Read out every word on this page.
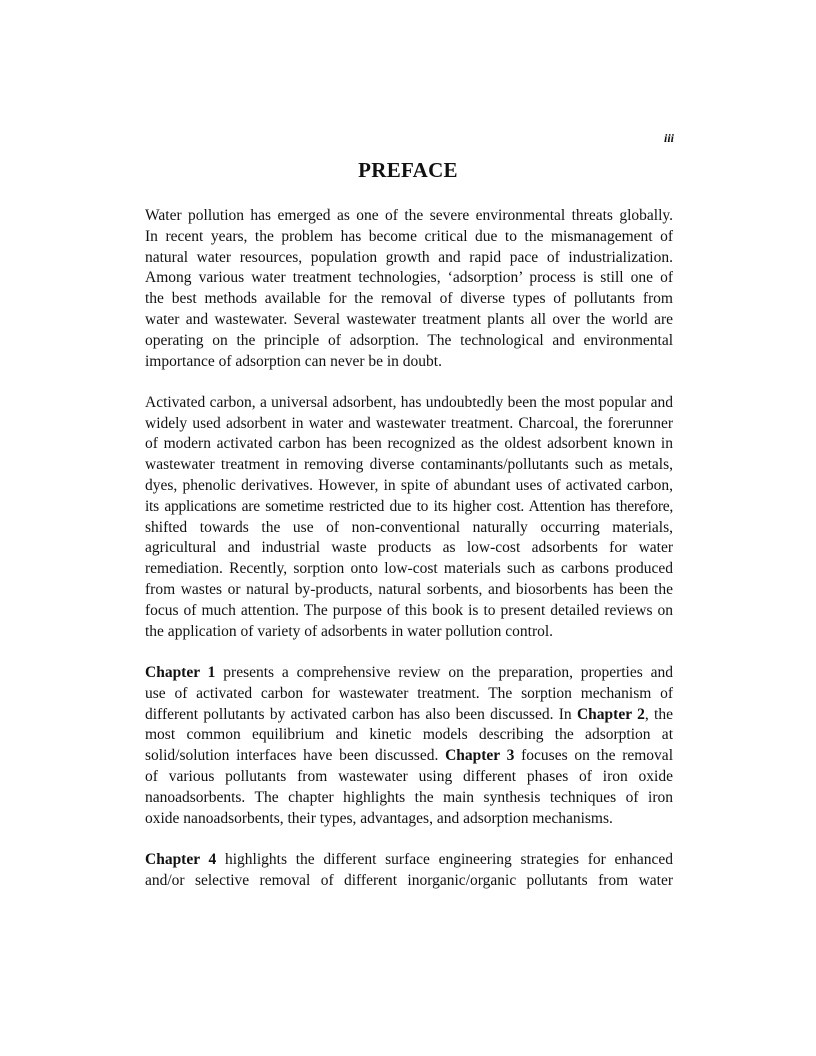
iii
PREFACE

Water pollution has emerged as one of the severe environmental threats globally.
In recent years, the problem has become critical due to the mismanagement of
natural water resources, population growth and rapid pace of industrialization.
Among various water treatment technologies, ‘adsorption’ process is still one of
the best methods available for the removal of diverse types of pollutants from
water and wastewater. Several wastewater treatment plants all over the world are
operating on the principle of adsorption. The technological and environmental
importance of adsorption can never be in doubt.

Activated carbon, a universal adsorbent, has undoubtedly been the most popular and
widely used adsorbent in water and wastewater treatment. Charcoal, the forerunner
of modern activated carbon has been recognized as the oldest adsorbent known in
wastewater treatment in removing diverse contaminants/pollutants such as metals,
dyes, phenolic derivatives. However, in spite of abundant uses of activated carbon,
its applications are sometime restricted due to its higher cost. Attention has therefore,
shifted towards the use of non-conventional naturally occurring materials,
agricultural and industrial waste products as low-cost adsorbents for water
remediation. Recently, sorption onto low-cost materials such as carbons produced
from wastes or natural by-products, natural sorbents, and biosorbents has been the
focus of much attention. The purpose of this book is to present detailed reviews on
the application of variety of adsorbents in water pollution control.

Chapter 1 presents a comprehensive review on the preparation, properties and
use of activated carbon for wastewater treatment. The sorption mechanism of
different pollutants by activated carbon has also been discussed. In Chapter 2, the
most common equilibrium and kinetic models describing the adsorption at
solid/solution interfaces have been discussed. Chapter 3 focuses on the removal
of various pollutants from wastewater using different phases of iron oxide
nanoadsorbents. The chapter highlights the main synthesis techniques of iron
oxide nanoadsorbents, their types, advantages, and adsorption mechanisms.

Chapter 4 highlights the different surface engineering strategies for enhanced
and/or selective removal of different inorganic/organic pollutants from water
